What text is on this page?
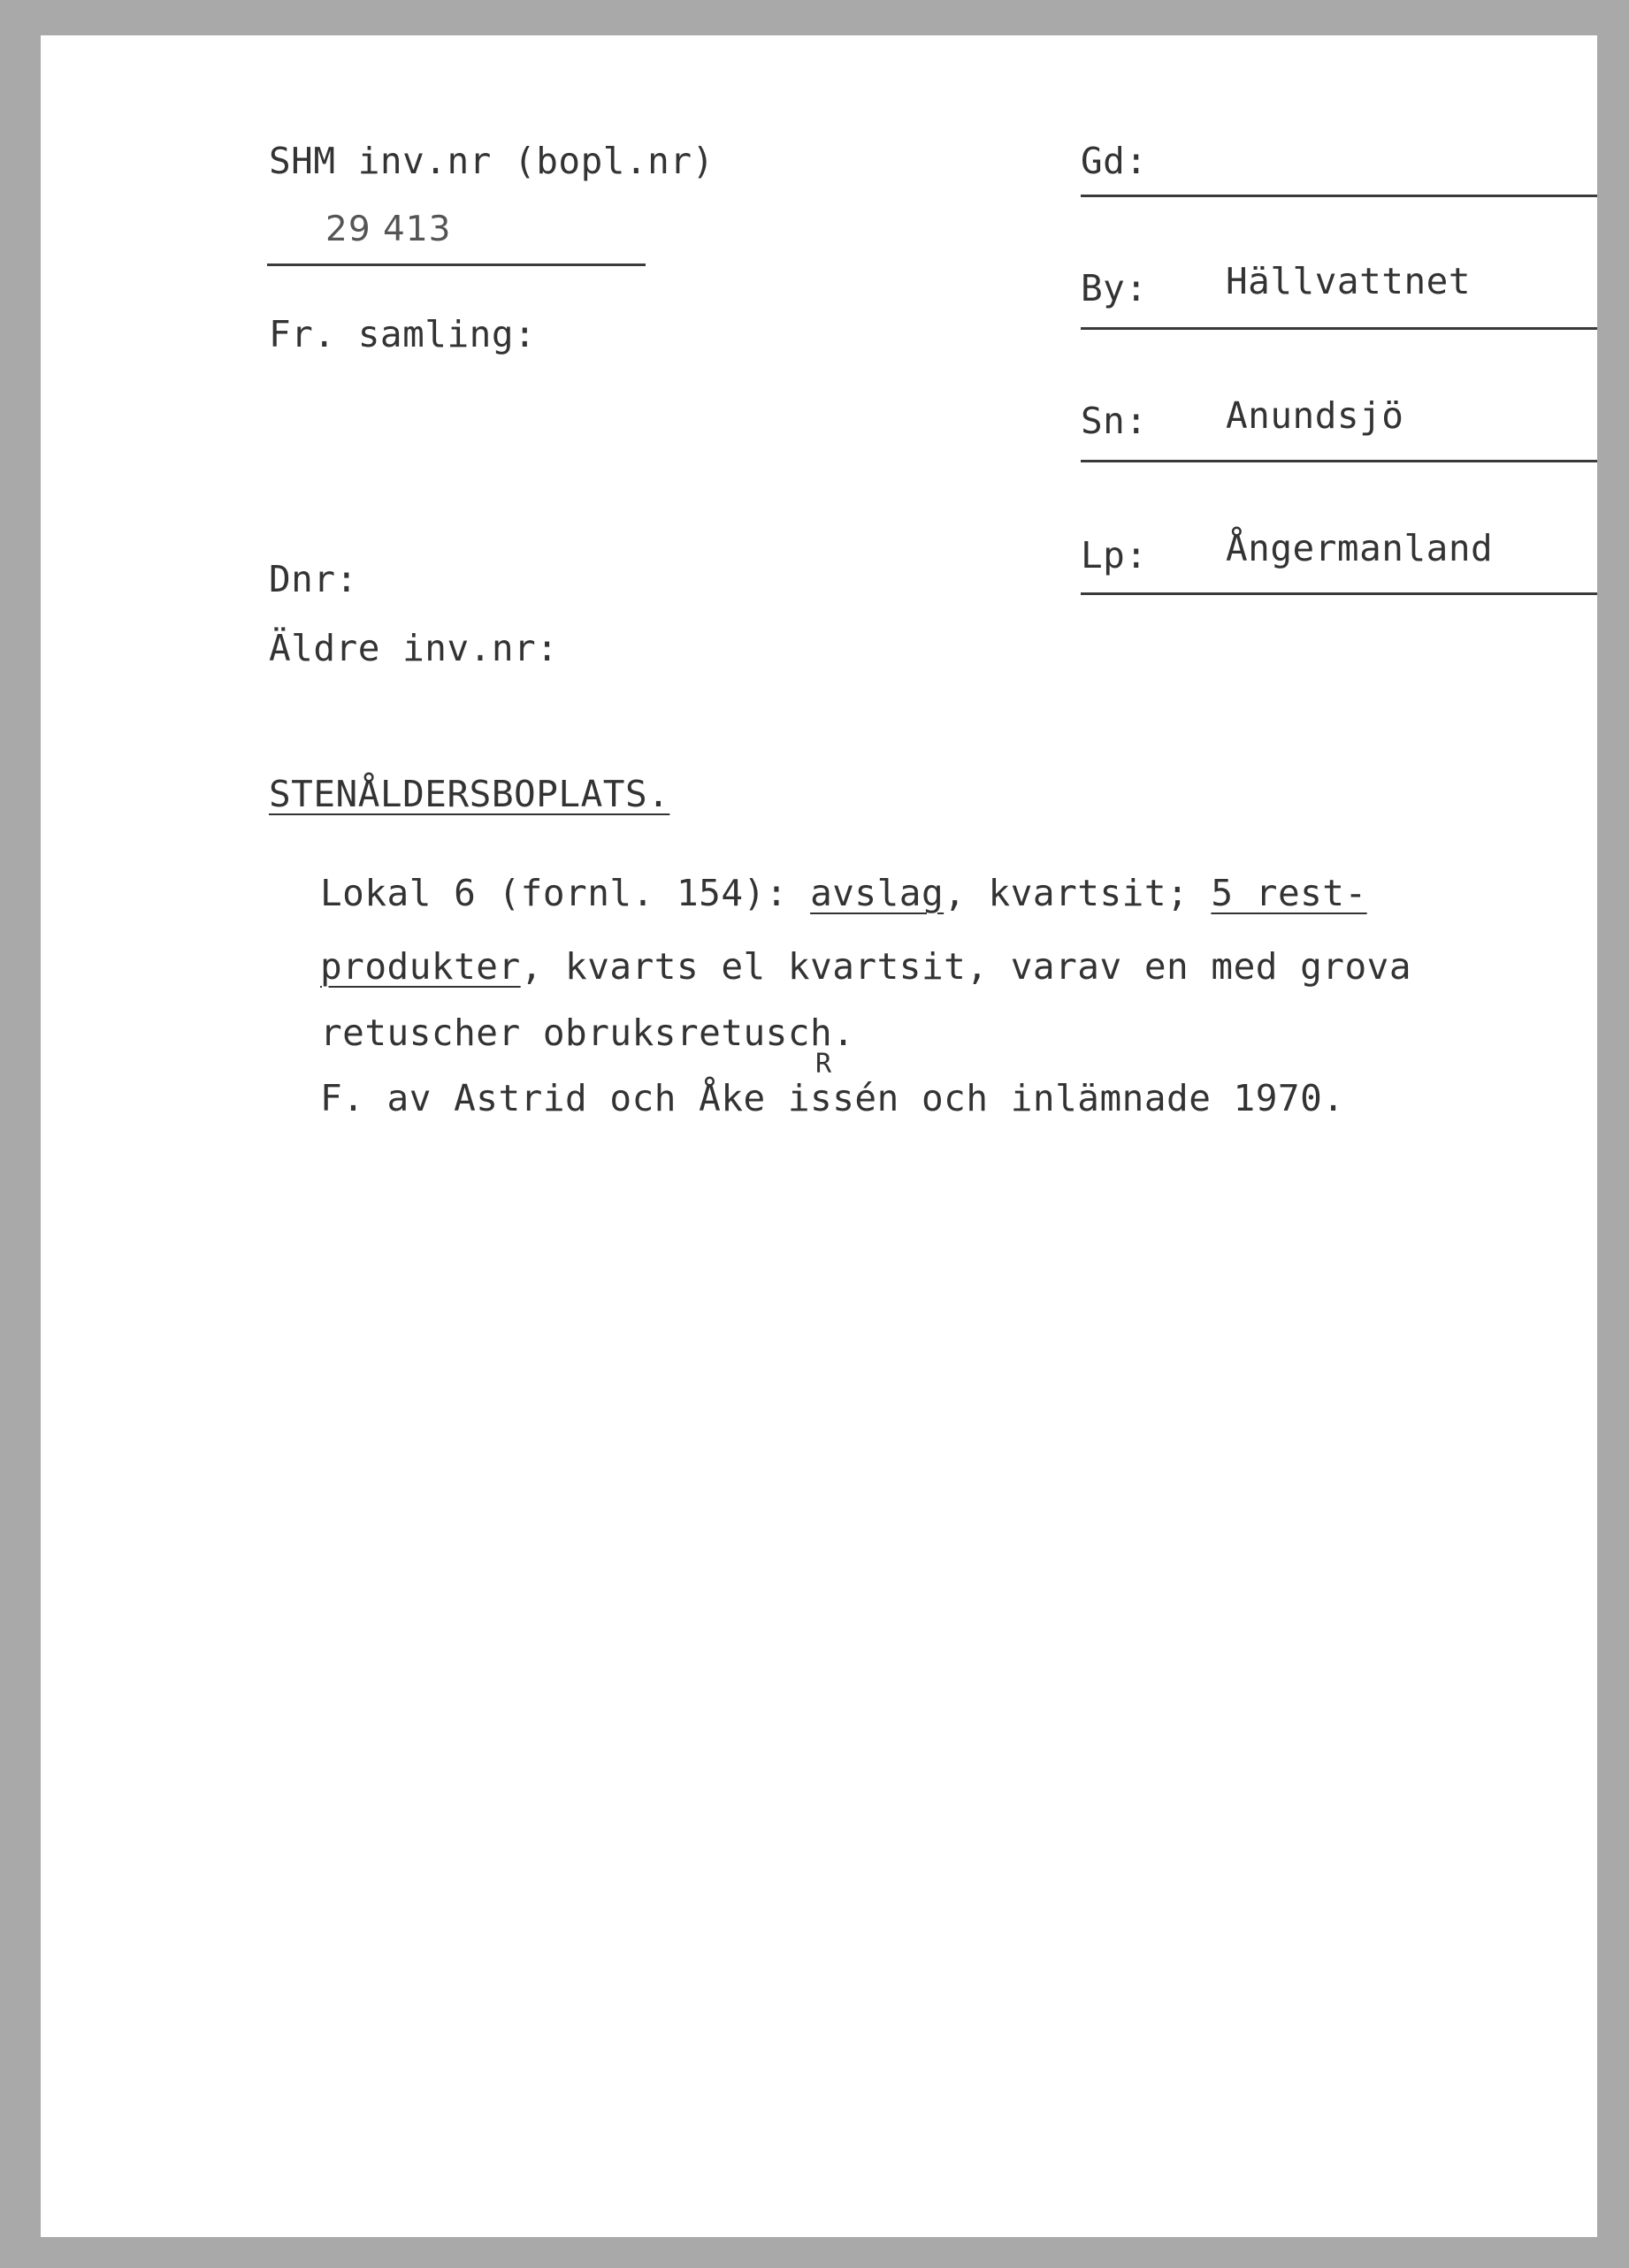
SHM inv.nr (bopl.nr)
29 413
Fr. samling:
Dnr:
Äldre inv.nr:
Gd:
By: Hällvattnet
Sn: Anundsjö
Lp: Ångermanland
STENÅLDERSBOPLATS.
Lokal 6 (fornl. 154): avslag, kvartsit; 5 rest-
produkter, kvarts el kvartsit, varav en med grova
retuscher obruksretusch.
F. av Astrid och Åke issén och inlämnade 1970.
R
